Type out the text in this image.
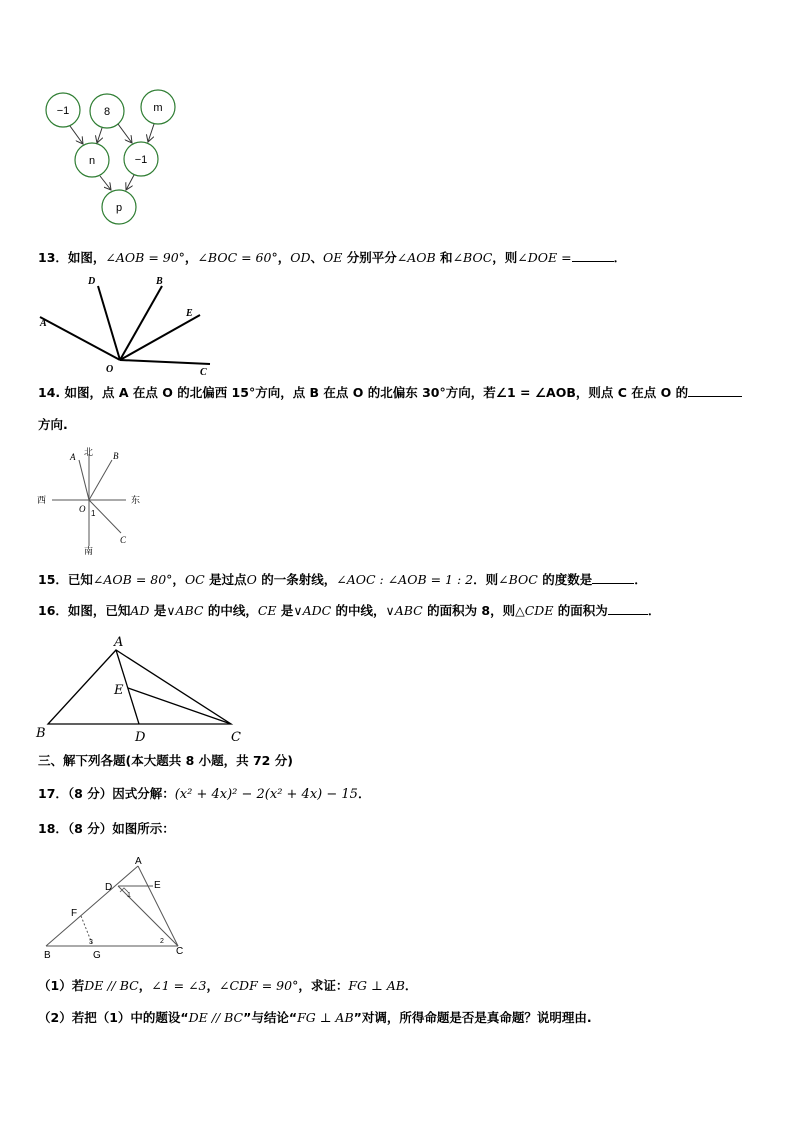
−1	8	m
n	−1
p
13．如图，∠AOB = 90°，∠BOC = 60°，OD、OE 分别平分∠AOB 和∠BOC，则∠DOE =	．
A
D	B
E
O	C
14. 如图，点 A 在点 O 的北偏西 15°方向，点 B 在点 O 的北偏东 30°方向，若∠1 = ∠AOB，则点 C 在点 O 的
方向.
西	东
北
南
A	B
O 1
C
15．已知∠AOB = 80°，OC 是过点O 的一条射线，∠AOC : ∠AOB = 1 : 2．则∠BOC 的度数是	．
16．如图，已知AD 是∨ABC 的中线，CE 是∨ADC 的中线，∨ABC 的面积为 8，则△CDE 的面积为	．
A
E
B	D	C
三、解下列各题(本大题共 8 小题，共 72 分)
17．（8 分）因式分解：(x² + 4x)² − 2(x² + 4x) − 15．
18．（8 分）如图所示：
A
D	E
1
F
B
3
G
2
C
（1）若DE // BC，∠1 = ∠3，∠CDF = 90°，求证：FG ⊥ AB．
（2）若把（1）中的题设“DE // BC”与结论“FG ⊥ AB”对调，所得命题是否是真命题？说明理由.
